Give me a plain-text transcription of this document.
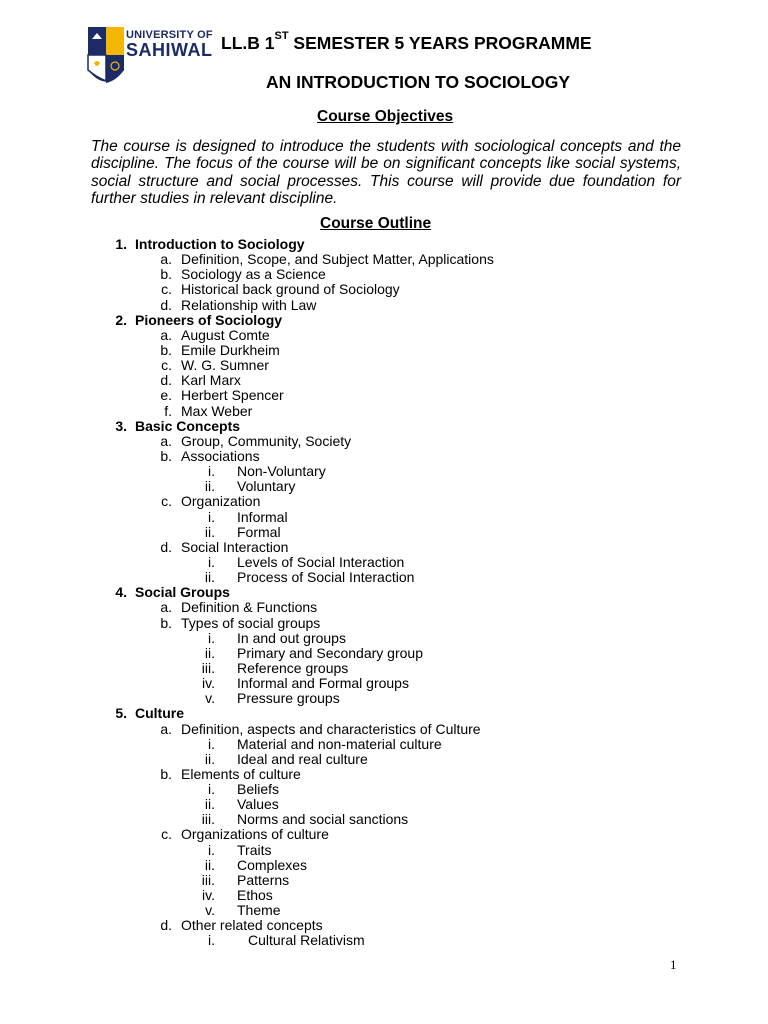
UNIVERSITY OF
SAHIWAL LL.B 1ST SEMESTER 5 YEARS PROGRAMME
AN INTRODUCTION TO SOCIOLOGY
Course Objectives
The course is designed to introduce the students with sociological concepts and the discipline. The focus of the course will be on significant concepts like social systems, social structure and social processes. This course will provide due foundation for further studies in relevant discipline.
Course Outline
1. Introduction to Sociology
a. Definition, Scope, and Subject Matter, Applications
b. Sociology as a Science
c. Historical back ground of Sociology
d. Relationship with Law
2. Pioneers of Sociology
a. August Comte
b. Emile Durkheim
c. W. G. Sumner
d. Karl Marx
e. Herbert Spencer
f. Max Weber
3. Basic Concepts
a. Group, Community, Society
b. Associations
i. Non-Voluntary
ii. Voluntary
c. Organization
i. Informal
ii. Formal
d. Social Interaction
i. Levels of Social Interaction
ii. Process of Social Interaction
4. Social Groups
a. Definition & Functions
b. Types of social groups
i. In and out groups
ii. Primary and Secondary group
iii. Reference groups
iv. Informal and Formal groups
v. Pressure groups
5. Culture
a. Definition, aspects and characteristics of Culture
i. Material and non-material culture
ii. Ideal and real culture
b. Elements of culture
i. Beliefs
ii. Values
iii. Norms and social sanctions
c. Organizations of culture
i. Traits
ii. Complexes
iii. Patterns
iv. Ethos
v. Theme
d. Other related concepts
i. Cultural Relativism
1
